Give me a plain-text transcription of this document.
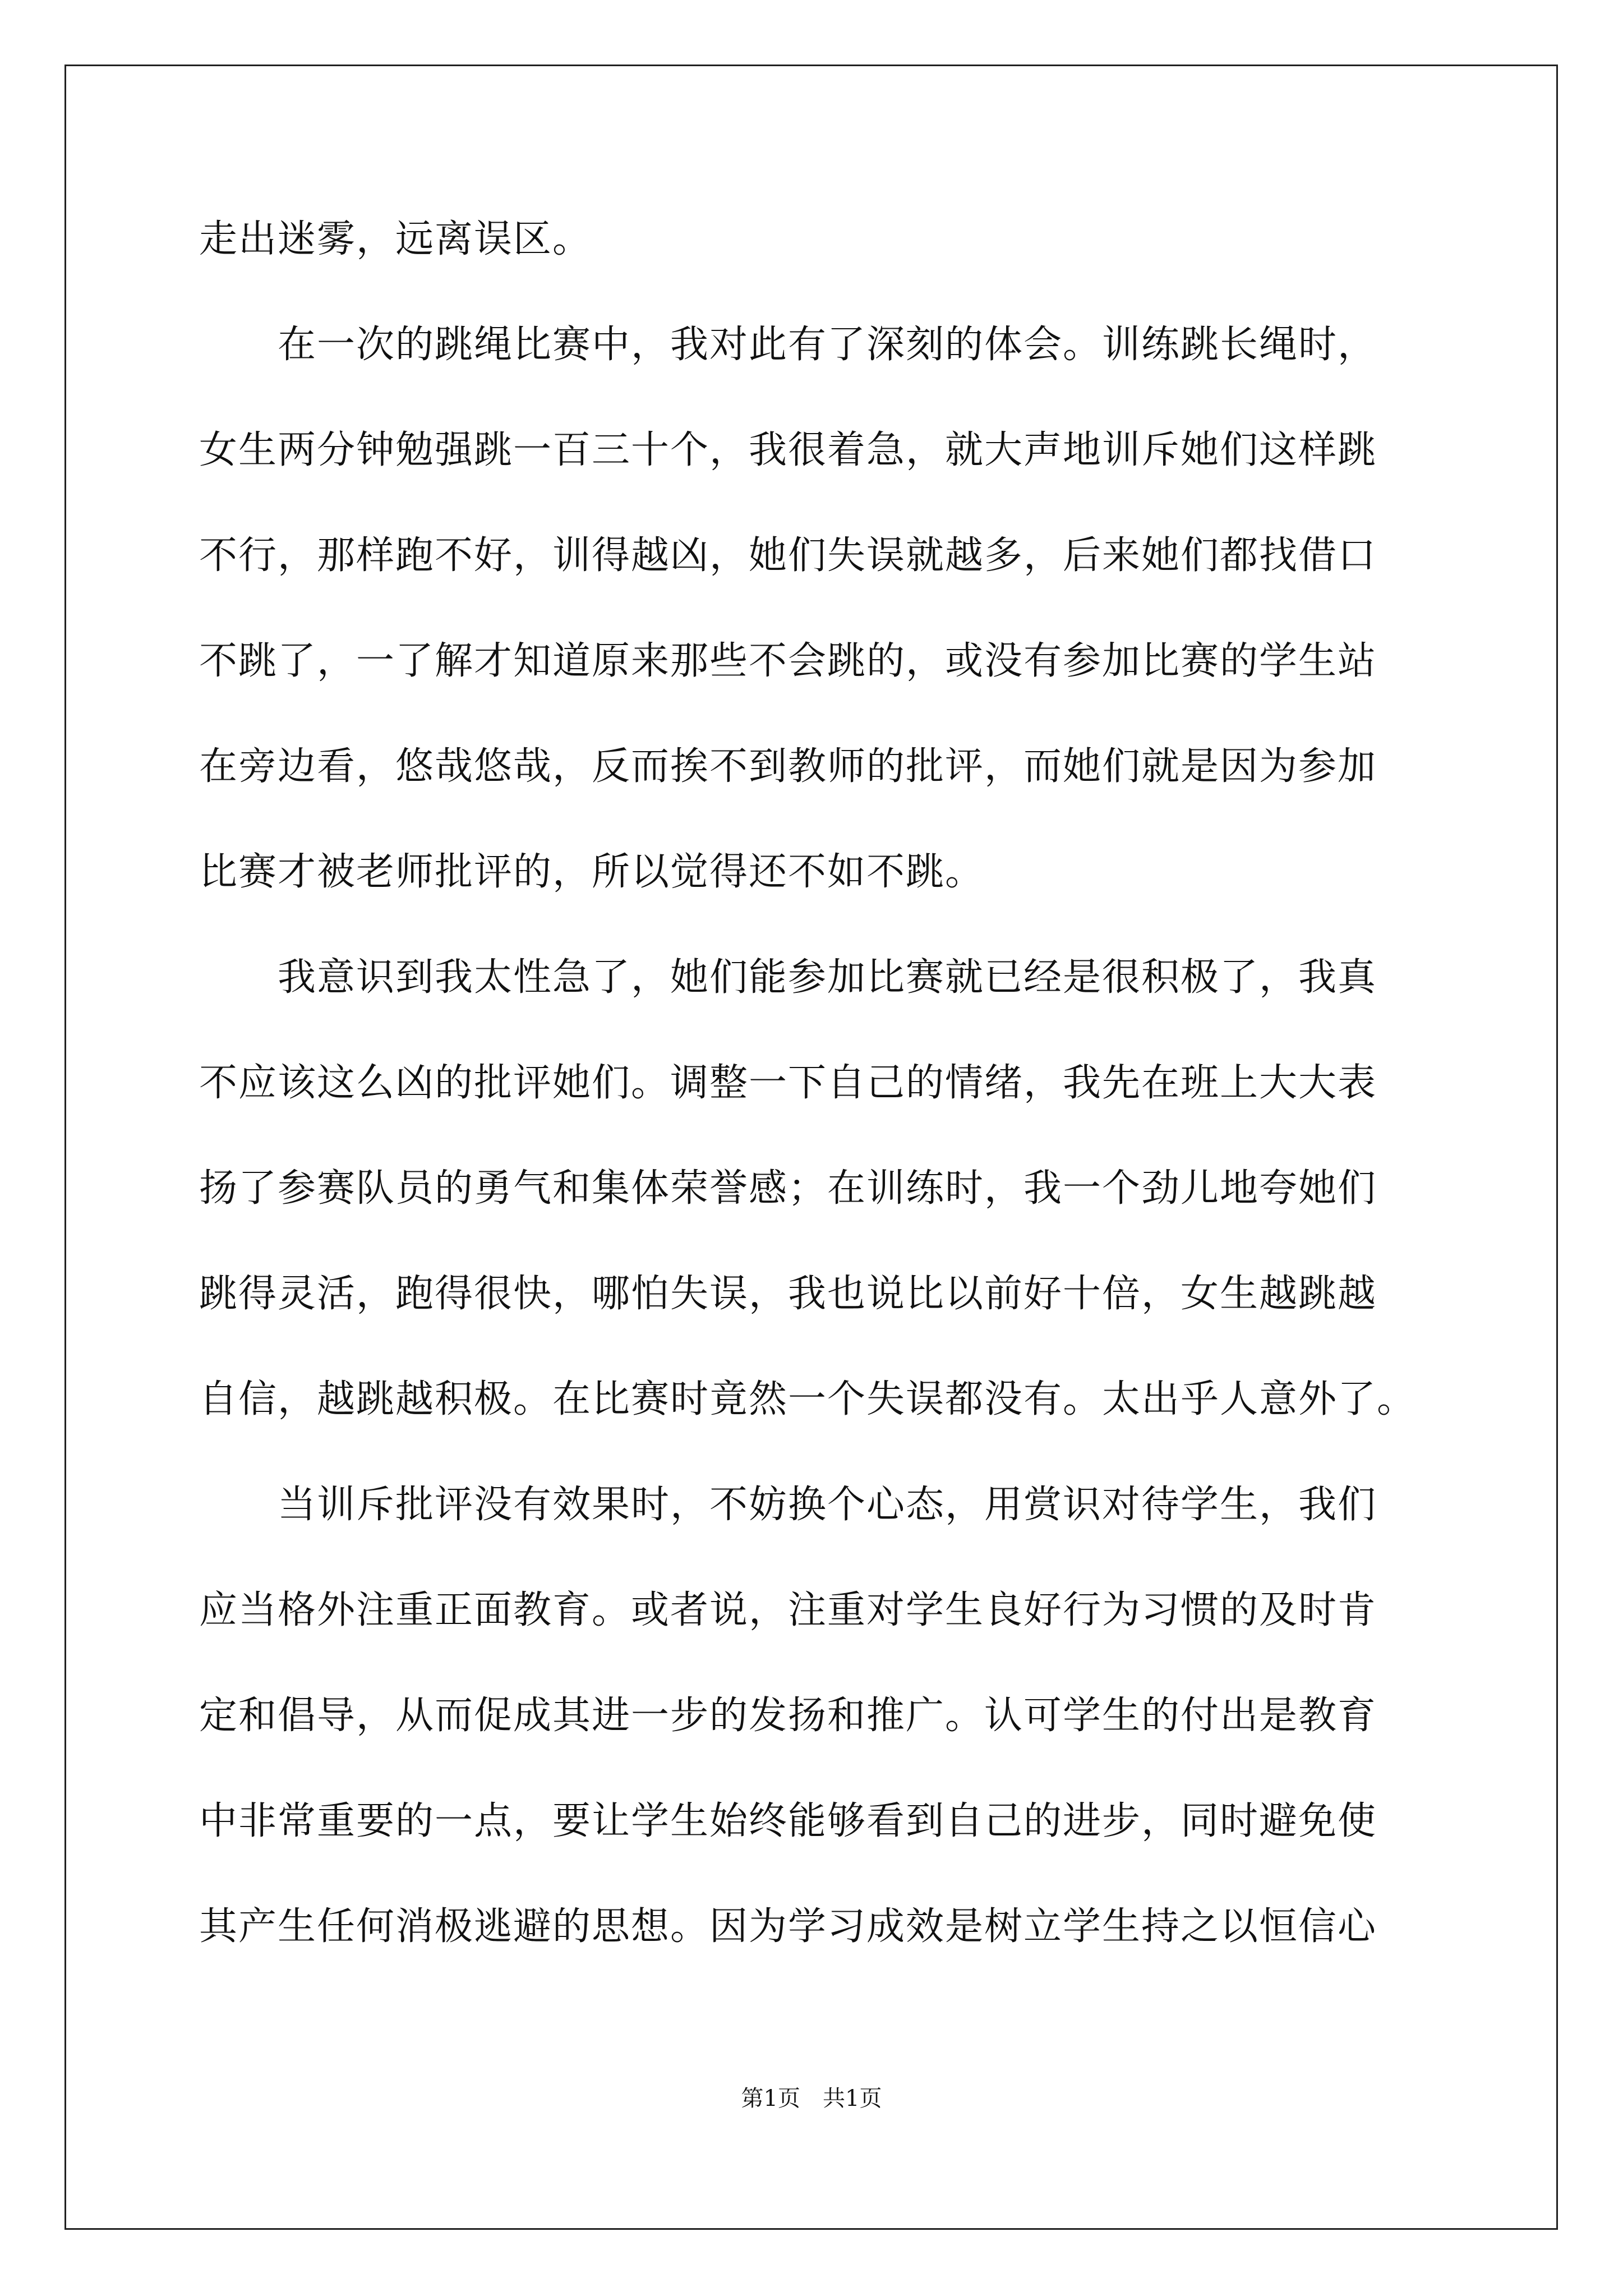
走出迷雾，远离误区。
　　在一次的跳绳比赛中，我对此有了深刻的体会。训练跳长绳时，
女生两分钟勉强跳一百三十个，我很着急，就大声地训斥她们这样跳
不行，那样跑不好，训得越凶，她们失误就越多，后来她们都找借口
不跳了，一了解才知道原来那些不会跳的，或没有参加比赛的学生站
在旁边看，悠哉悠哉，反而挨不到教师的批评，而她们就是因为参加
比赛才被老师批评的，所以觉得还不如不跳。
　　我意识到我太性急了，她们能参加比赛就已经是很积极了，我真
不应该这么凶的批评她们。调整一下自己的情绪，我先在班上大大表
扬了参赛队员的勇气和集体荣誉感；在训练时，我一个劲儿地夸她们
跳得灵活，跑得很快，哪怕失误，我也说比以前好十倍，女生越跳越
自信，越跳越积极。在比赛时竟然一个失误都没有。太出乎人意外了。
　　当训斥批评没有效果时，不妨换个心态，用赏识对待学生，我们
应当格外注重正面教育。或者说，注重对学生良好行为习惯的及时肯
定和倡导，从而促成其进一步的发扬和推广。认可学生的付出是教育
中非常重要的一点，要让学生始终能够看到自己的进步，同时避免使
其产生任何消极逃避的思想。因为学习成效是树立学生持之以恒信心
第1页　共1页
